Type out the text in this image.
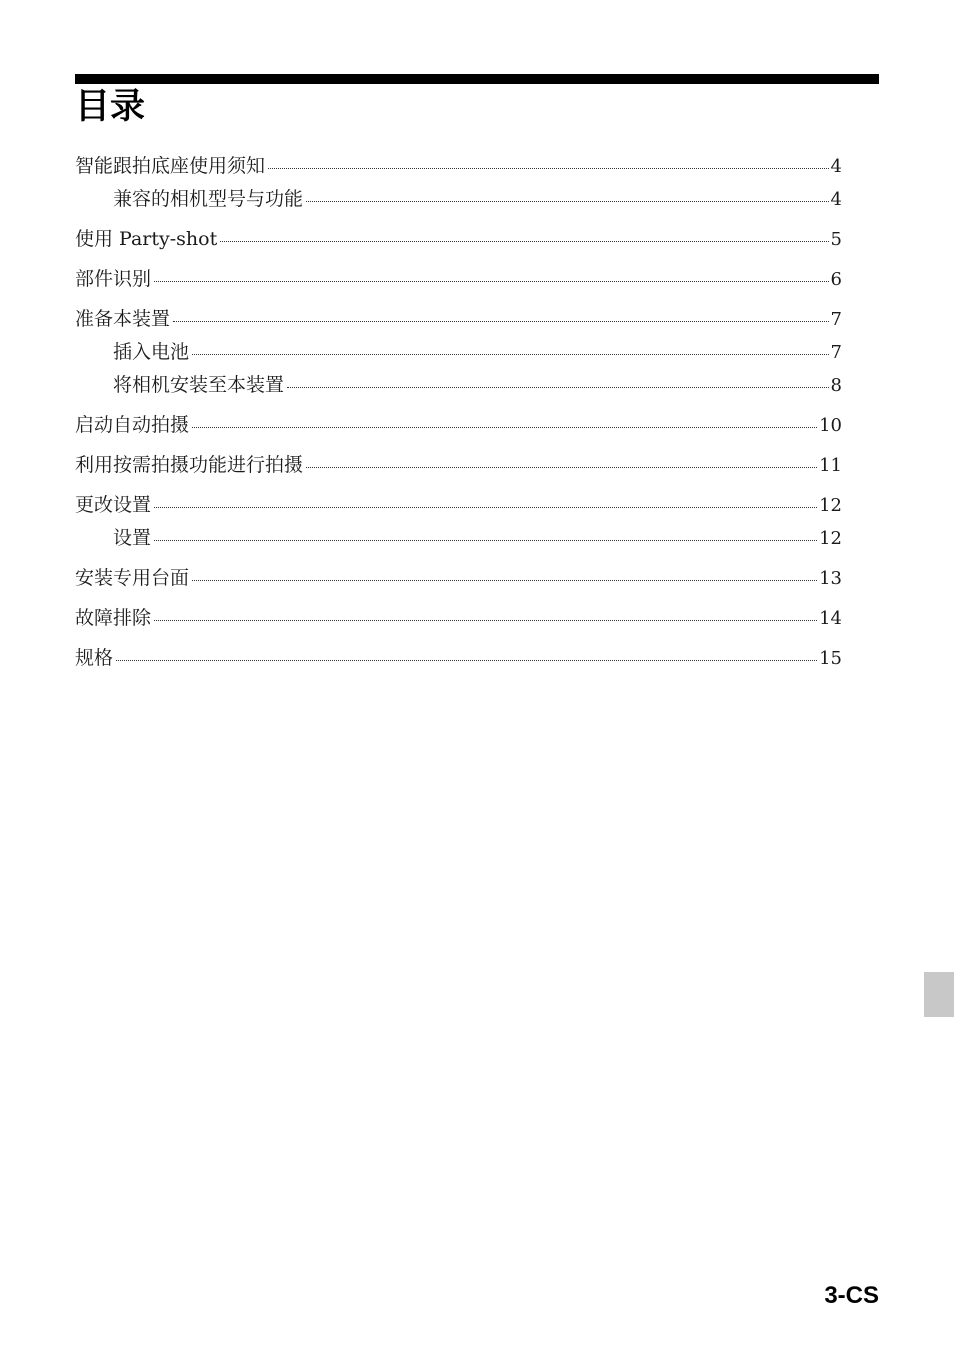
目录
智能跟拍底座使用须知	4
兼容的相机型号与功能	4
使用 Party-shot	5
部件识别	6
准备本装置	7
插入电池	7
将相机安装至本装置	8
启动自动拍摄	10
利用按需拍摄功能进行拍摄	11
更改设置	12
设置	12
安装专用台面	13
故障排除	14
规格	15
3-CS
